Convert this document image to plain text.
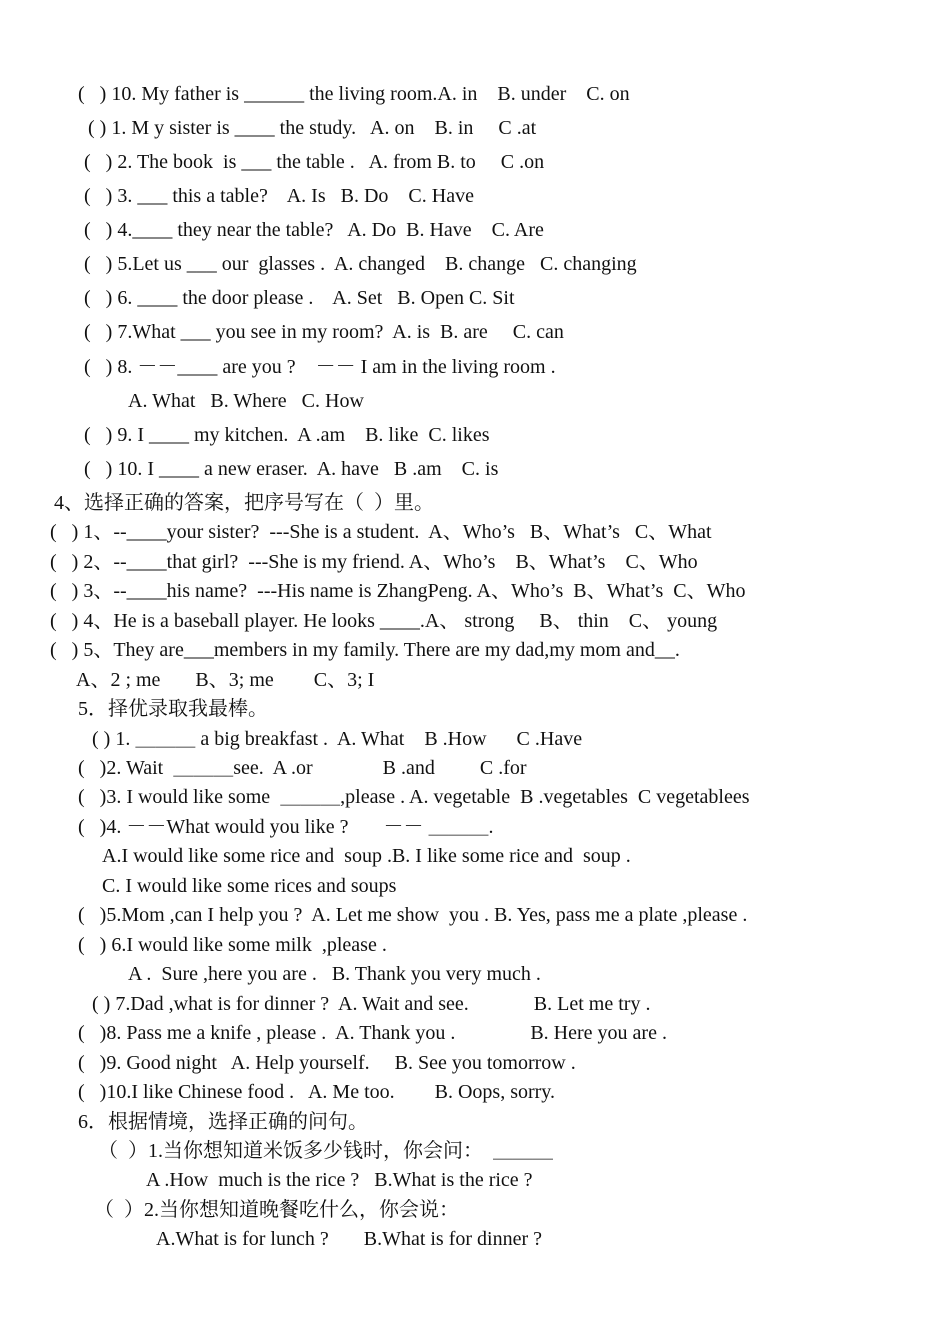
(   ) 10. My father is ______ the living room.A. in    B. under    C. on
( ) 1. M y sister is ____ the study.   A. on    B. in     C .at
(   ) 2. The book  is ___ the table .   A. from B. to     C .on
(   ) 3. ___ this a table?    A. Is   B. Do    C. Have
(   ) 4.____ they near the table?   A. Do  B. Have    C. Are
(   ) 5.Let us ___ our  glasses .  A. changed    B. change   C. changing
(   ) 6. ____ the door please .    A. Set   B. Open C. Sit
(   ) 7.What ___ you see in my room?  A. is  B. are     C. can
(   ) 8. －－____ are you ?    －－ I am in the living room .
A. What   B. Where   C. How
(   ) 9. I ____ my kitchen.  A .am    B. like  C. likes
(   ) 10. I ____ a new eraser.  A. have   B .am    C. is
4、选择正确的答案，把序号写在（  ）里。
(   ) 1、--____your sister?  ---She is a student.  A、Who’s   B、What’s   C、What
(   ) 2、--____that girl?  ---She is my friend. A、Who’s    B、What’s    C、Who
(   ) 3、--____his name?  ---His name is ZhangPeng. A、Who’s  B、What’s  C、Who
(   ) 4、He is a baseball player. He looks ____.A、 strong     B、 thin    C、 young
(   ) 5、They are___members in my family. There are my dad,my mom and__.
A、2 ; me       B、3; me        C、3; I
5．择优录取我最棒。
( ) 1. ＿＿＿ a big breakfast .  A. What    B .How      C .Have
(   )2. Wait  ＿＿＿see.  A .or              B .and         C .for
(   )3. I would like some  ＿＿＿,please . A. vegetable  B .vegetables  C vegetablees
(   )4. －－What would you like ?       －－ ＿＿＿.
A.I would like some rice and  soup .B. I like some rice and  soup .
C. I would like some rices and soups
(   )5.Mom ,can I help you ?  A. Let me show  you . B. Yes, pass me a plate ,please .
(   ) 6.I would like some milk  ,please .
A .  Sure ,here you are .   B. Thank you very much .
( ) 7.Dad ,what is for dinner ?  A. Wait and see.             B. Let me try .
(   )8. Pass me a knife , please .  A. Thank you .               B. Here you are .
(   )9. Good night   A. Help yourself.     B. See you tomorrow .
(   )10.I like Chinese food .   A. Me too.        B. Oops, sorry.
6．根据情境，选择正确的问句。
（  ）1.当你想知道米饭多少钱时，你会问：  ＿＿＿
A .How  much is the rice ?   B.What is the rice ?
（  ）2.当你想知道晚餐吃什么，你会说：
A.What is for lunch ?       B.What is for dinner ?
